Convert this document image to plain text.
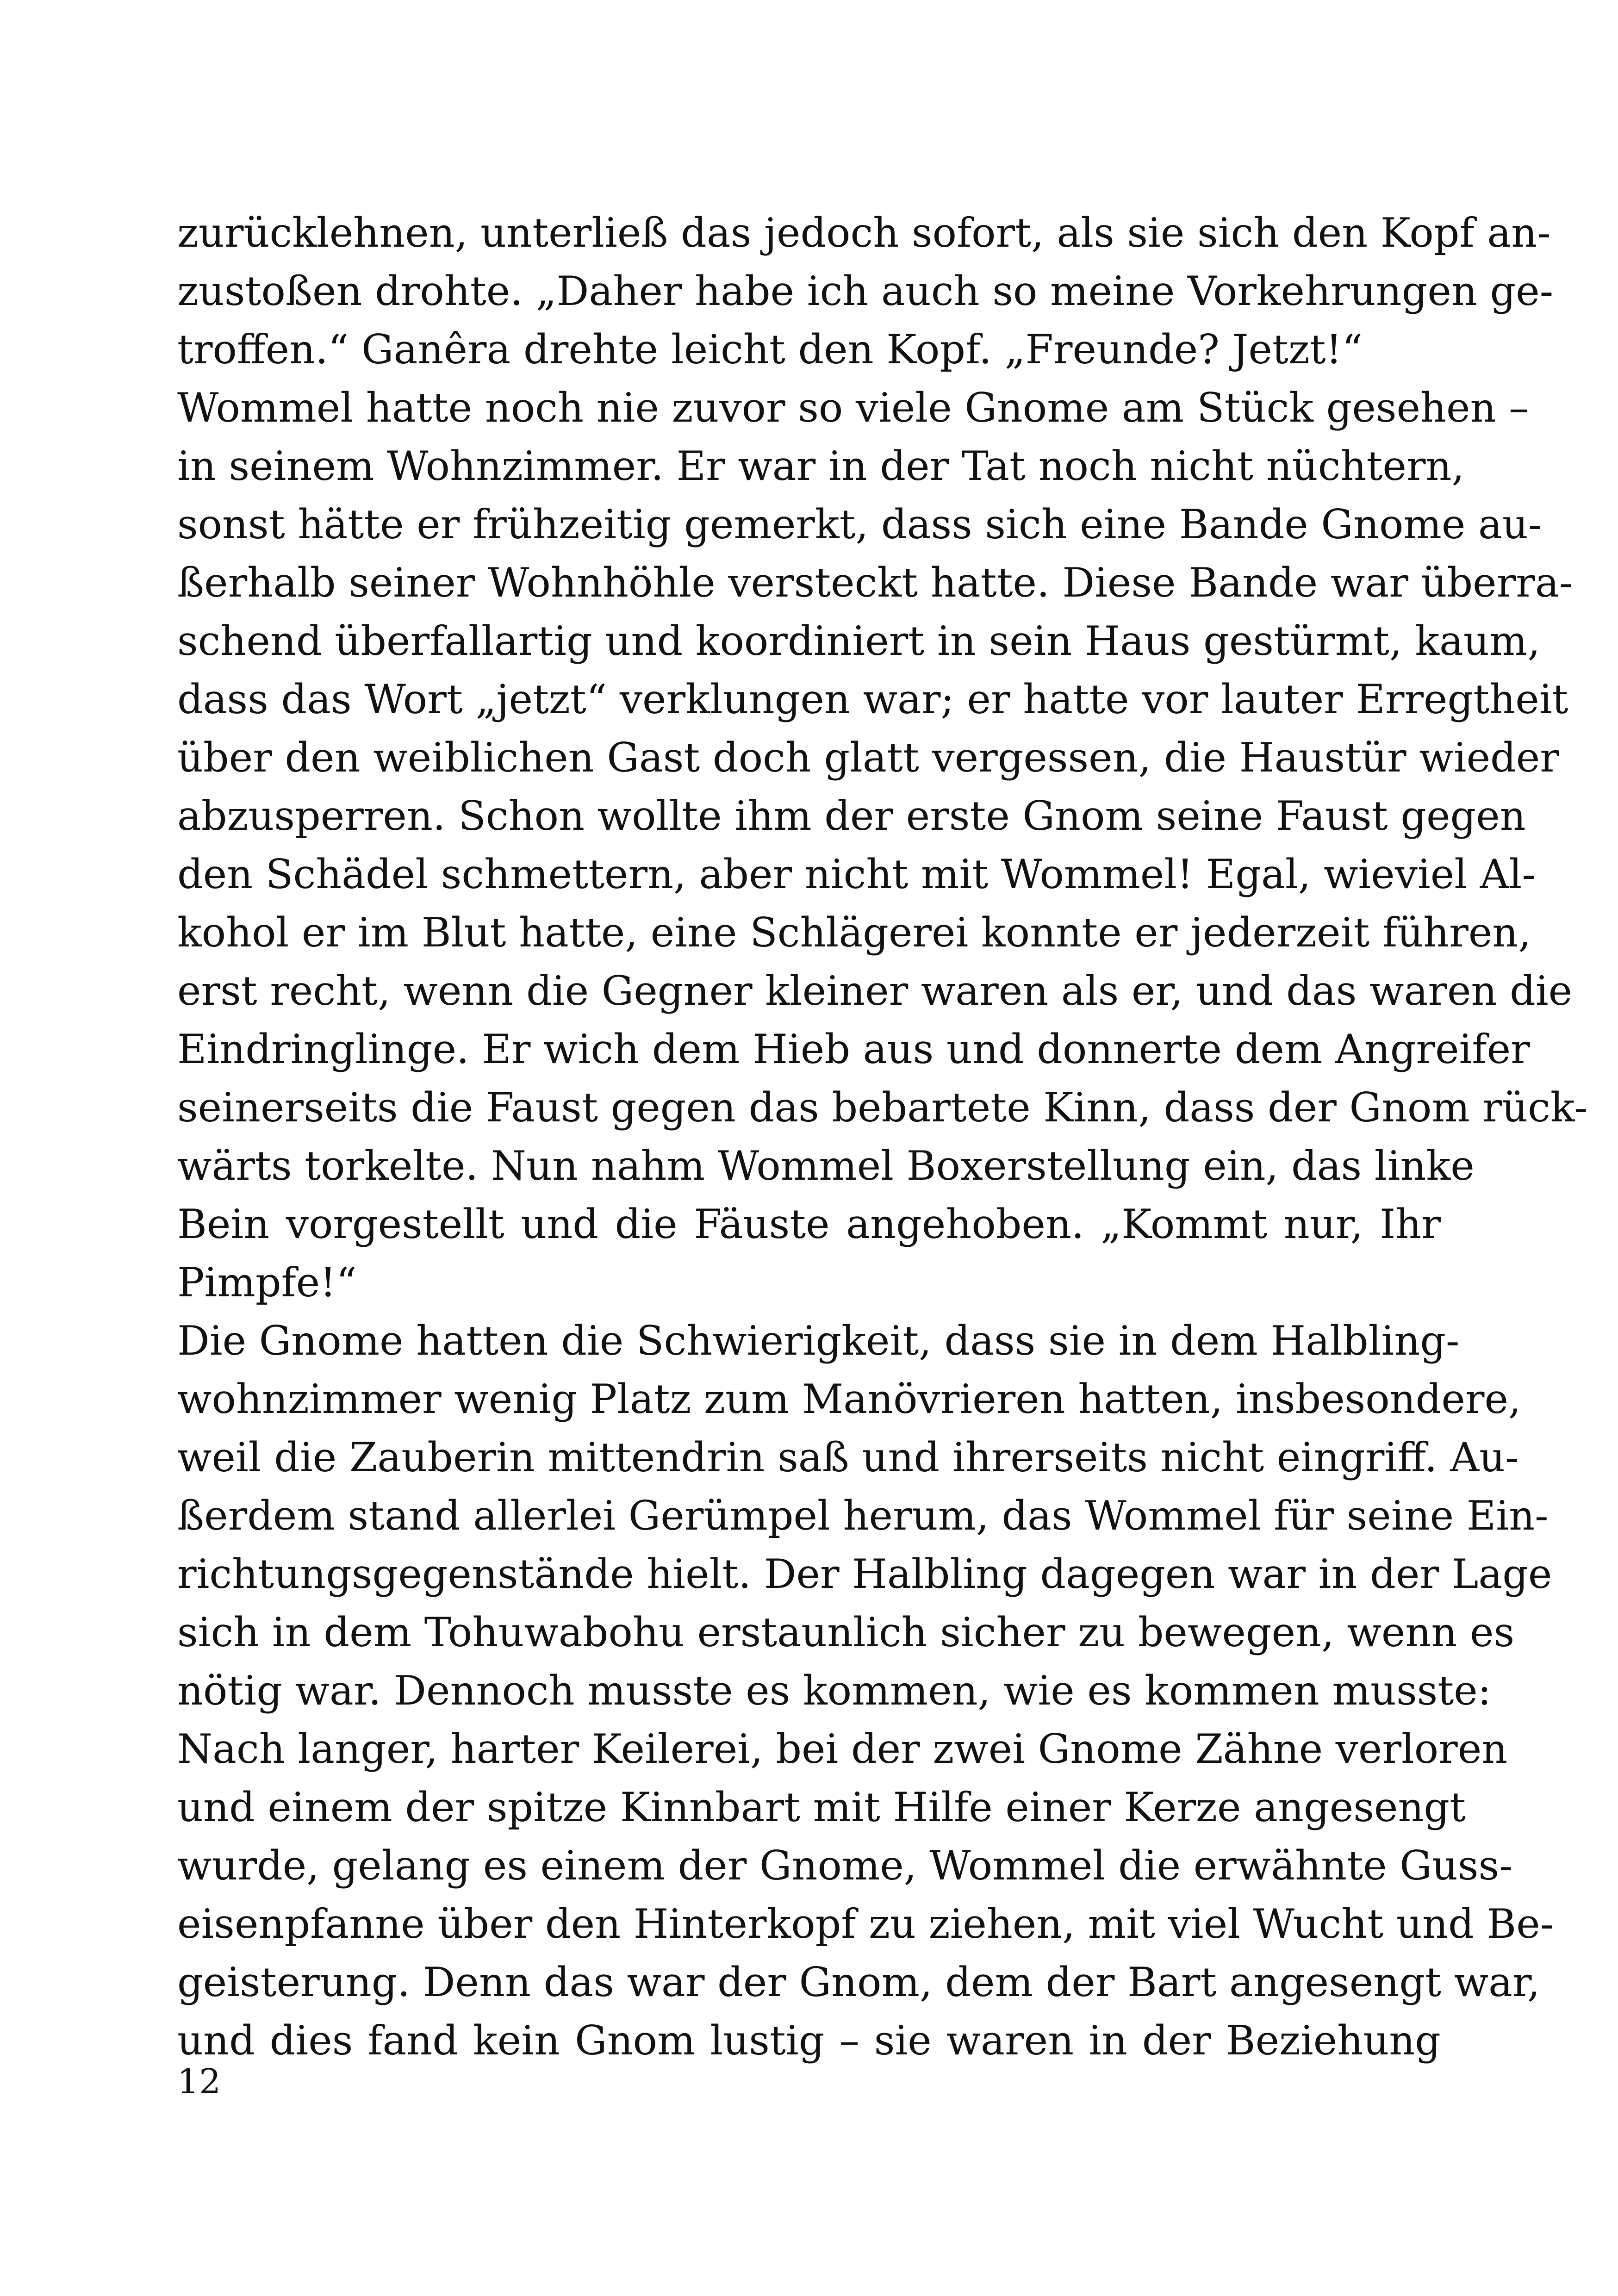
zurücklehnen, unterließ das jedoch sofort, als sie sich den Kopf an-
zustoßen drohte. „Daher habe ich auch so meine Vorkehrungen ge-
troffen.“ Ganêra drehte leicht den Kopf. „Freunde? Jetzt!“
Wommel hatte noch nie zuvor so viele Gnome am Stück gesehen –
in seinem Wohnzimmer. Er war in der Tat noch nicht nüchtern,
sonst hätte er frühzeitig gemerkt, dass sich eine Bande Gnome au-
ßerhalb seiner Wohnhöhle versteckt hatte. Diese Bande war überra-
schend überfallartig und koordiniert in sein Haus gestürmt, kaum,
dass das Wort „jetzt“ verklungen war; er hatte vor lauter Erregtheit
über den weiblichen Gast doch glatt vergessen, die Haustür wieder
abzusperren. Schon wollte ihm der erste Gnom seine Faust gegen
den Schädel schmettern, aber nicht mit Wommel! Egal, wieviel Al-
kohol er im Blut hatte, eine Schlägerei konnte er jederzeit führen,
erst recht, wenn die Gegner kleiner waren als er, und das waren die
Eindringlinge. Er wich dem Hieb aus und donnerte dem Angreifer
seinerseits die Faust gegen das bebartete Kinn, dass der Gnom rück-
wärts torkelte. Nun nahm Wommel Boxerstellung ein, das linke
Bein vorgestellt und die Fäuste angehoben. „Kommt nur, Ihr
Pimpfe!“
Die Gnome hatten die Schwierigkeit, dass sie in dem Halbling-
wohnzimmer wenig Platz zum Manövrieren hatten, insbesondere,
weil die Zauberin mittendrin saß und ihrerseits nicht eingriff. Au-
ßerdem stand allerlei Gerümpel herum, das Wommel für seine Ein-
richtungsgegenstände hielt. Der Halbling dagegen war in der Lage
sich in dem Tohuwabohu erstaunlich sicher zu bewegen, wenn es
nötig war. Dennoch musste es kommen, wie es kommen musste:
Nach langer, harter Keilerei, bei der zwei Gnome Zähne verloren
und einem der spitze Kinnbart mit Hilfe einer Kerze angesengt
wurde, gelang es einem der Gnome, Wommel die erwähnte Guss-
eisenpfanne über den Hinterkopf zu ziehen, mit viel Wucht und Be-
geisterung. Denn das war der Gnom, dem der Bart angesengt war,
und dies fand kein Gnom lustig – sie waren in der Beziehung
12
